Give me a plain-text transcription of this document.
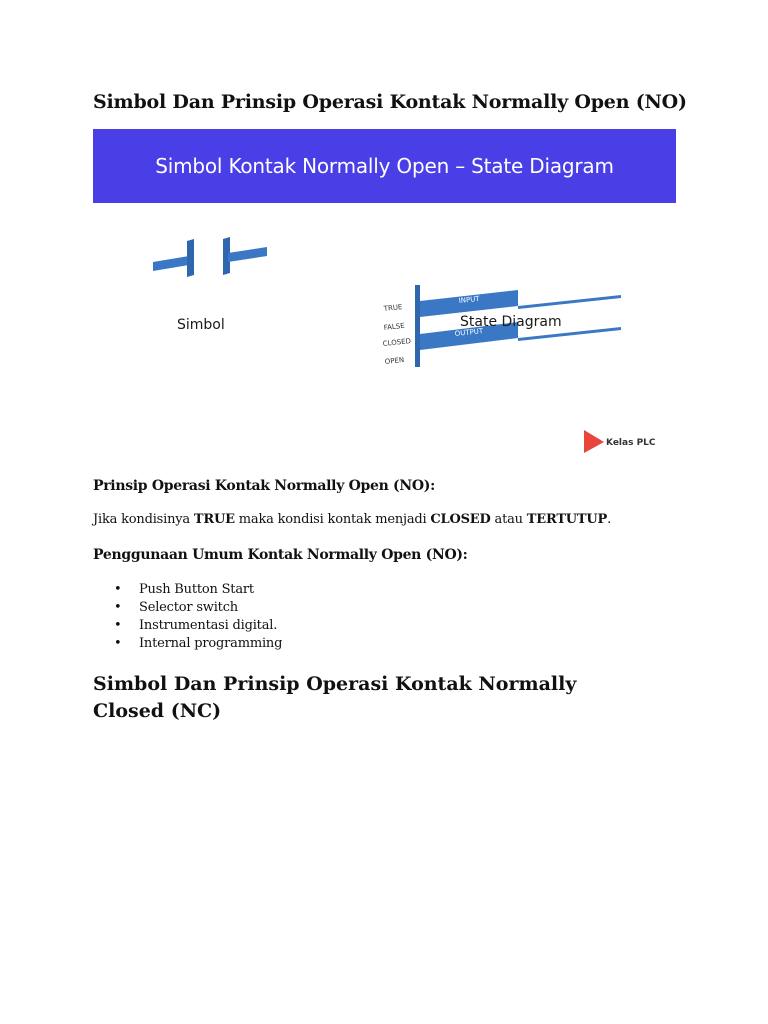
Simbol Dan Prinsip Operasi Kontak Normally Open (NO)
Simbol Kontak Normally Open – State Diagram
Simbol
TRUE
FALSE
CLOSED
OPEN
INPUT
OUTPUT
State Diagram
Kelas PLC
Prinsip Operasi Kontak Normally Open (NO):

Jika kondisinya TRUE maka kondisi kontak menjadi CLOSED atau TERTUTUP.

Penggunaan Umum Kontak Normally Open (NO):
• Push Button Start
• Selector switch
• Instrumentasi digital.
• Internal programming
Simbol Dan Prinsip Operasi Kontak Normally Closed (NC)
